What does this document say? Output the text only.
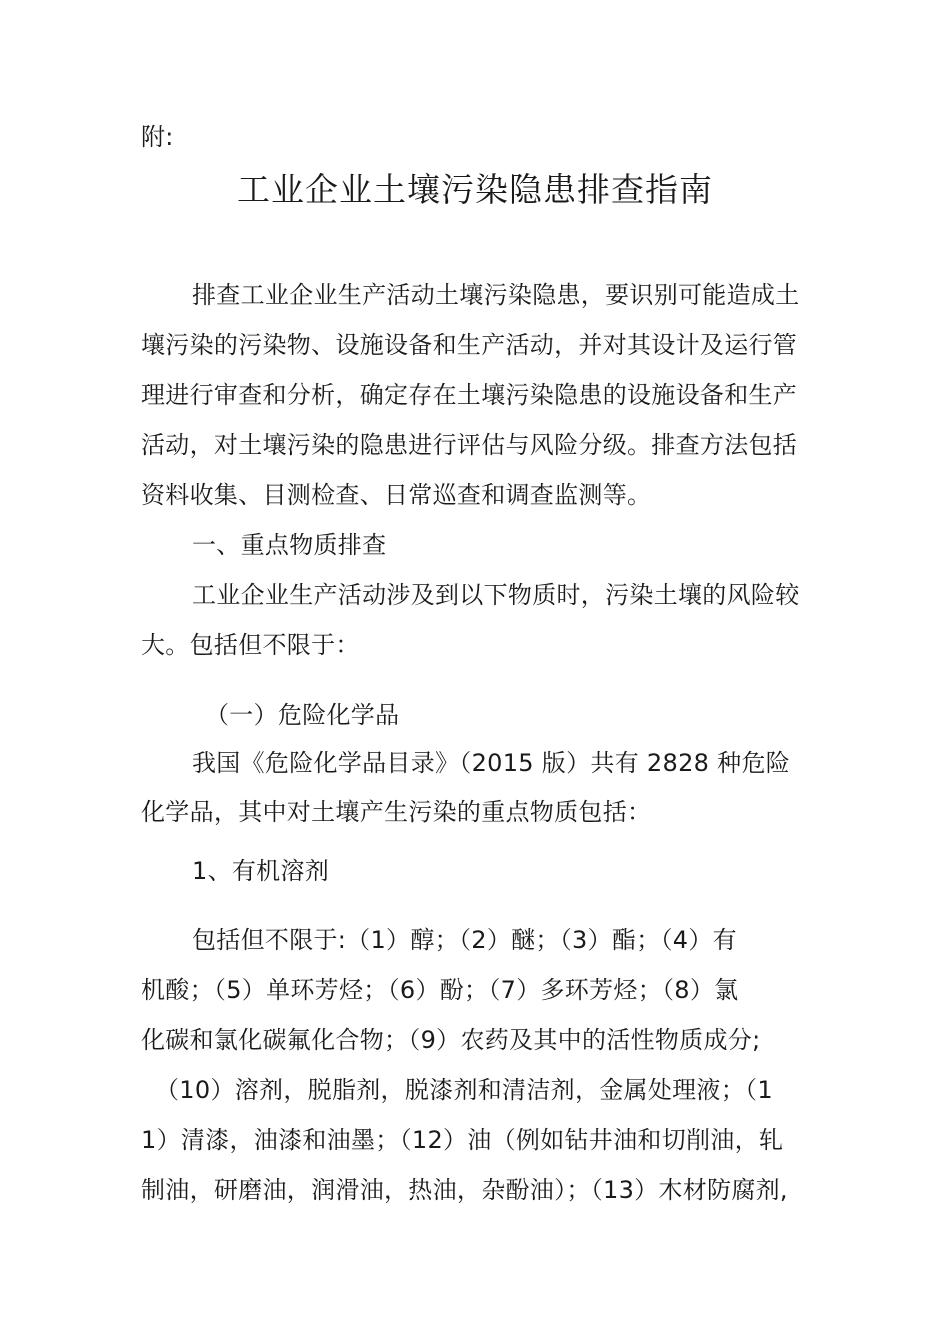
附:
工业企业土壤污染隐患排查指南
排查工业企业生产活动土壤污染隐患，要识别可能造成土
壤污染的污染物、设施设备和生产活动，并对其设计及运行管
理进行审查和分析，确定存在土壤污染隐患的设施设备和生产
活动，对土壤污染的隐患进行评估与风险分级。排查方法包括
资料收集、目测检查、日常巡查和调查监测等。
一、重点物质排查
工业企业生产活动涉及到以下物质时，污染土壤的风险较
大。包括但不限于：
（一）危险化学品
我国《危险化学品目录》（2015 版）共有 2828 种危险
化学品，其中对土壤产生污染的重点物质包括：
1、有机溶剂
包括但不限于:（1）醇；（2）醚；（3）酯；（4）有
机酸；（5）单环芳烃；（6）酚；（7）多环芳烃；（8）氯
化碳和氯化碳氟化合物；（9）农药及其中的活性物质成分;
（10）溶剂，脱脂剂，脱漆剂和清洁剂，金属处理液；（1
1）清漆，油漆和油墨；（12）油（例如钻井油和切削油，轧
制油，研磨油，润滑油，热油，杂酚油）；（13）木材防腐剂,
